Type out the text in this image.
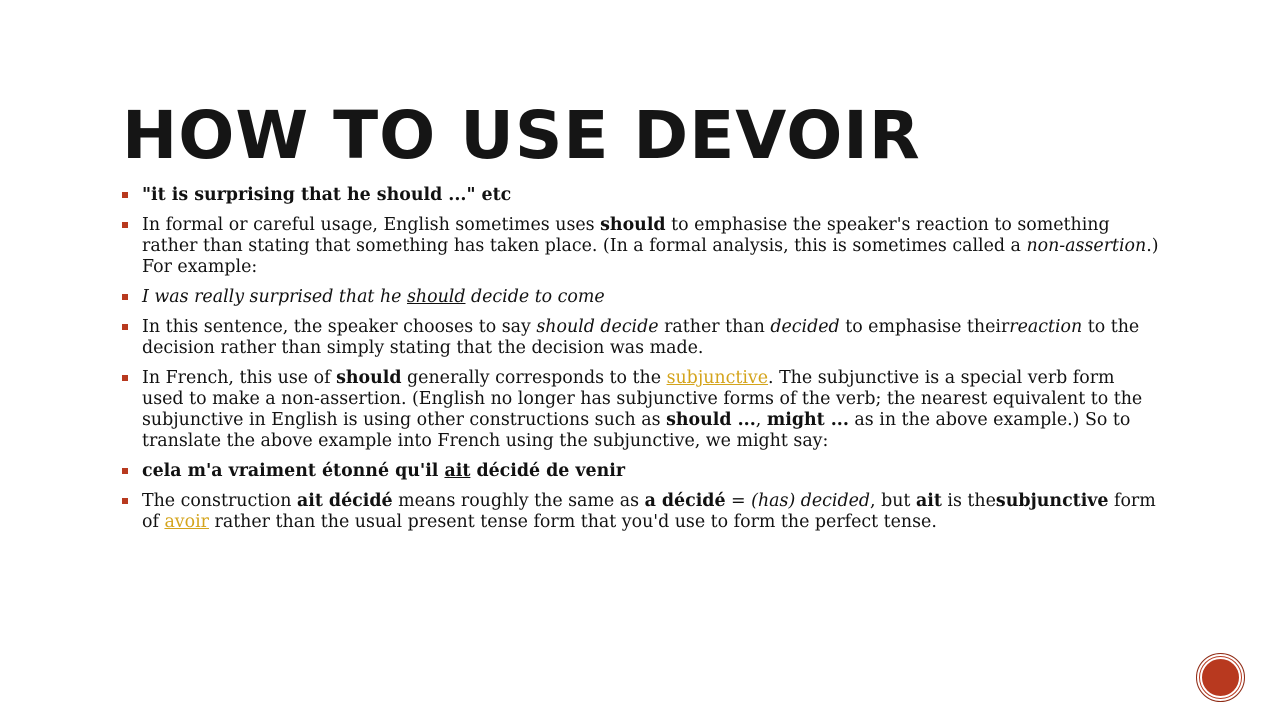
HOW TO USE DEVOIR
"it is surprising that he should ..." etc
In formal or careful usage, English sometimes uses should to emphasise the speaker's reaction to something rather than stating that something has taken place. (In a formal analysis, this is sometimes called a non-assertion.) For example:
I was really surprised that he should decide to come
In this sentence, the speaker chooses to say should decide rather than decided to emphasise theirreaction to the decision rather than simply stating that the decision was made.
In French, this use of should generally corresponds to the subjunctive. The subjunctive is a special verb form used to make a non-assertion. (English no longer has subjunctive forms of the verb; the nearest equivalent to the subjunctive in English is using other constructions such as should ..., might ... as in the above example.) So to translate the above example into French using the subjunctive, we might say:
cela m'a vraiment étonné qu'il ait décidé de venir
The construction ait décidé means roughly the same as a décidé = (has) decided, but ait is thesubjunctive form of avoir rather than the usual present tense form that you'd use to form the perfect tense.
